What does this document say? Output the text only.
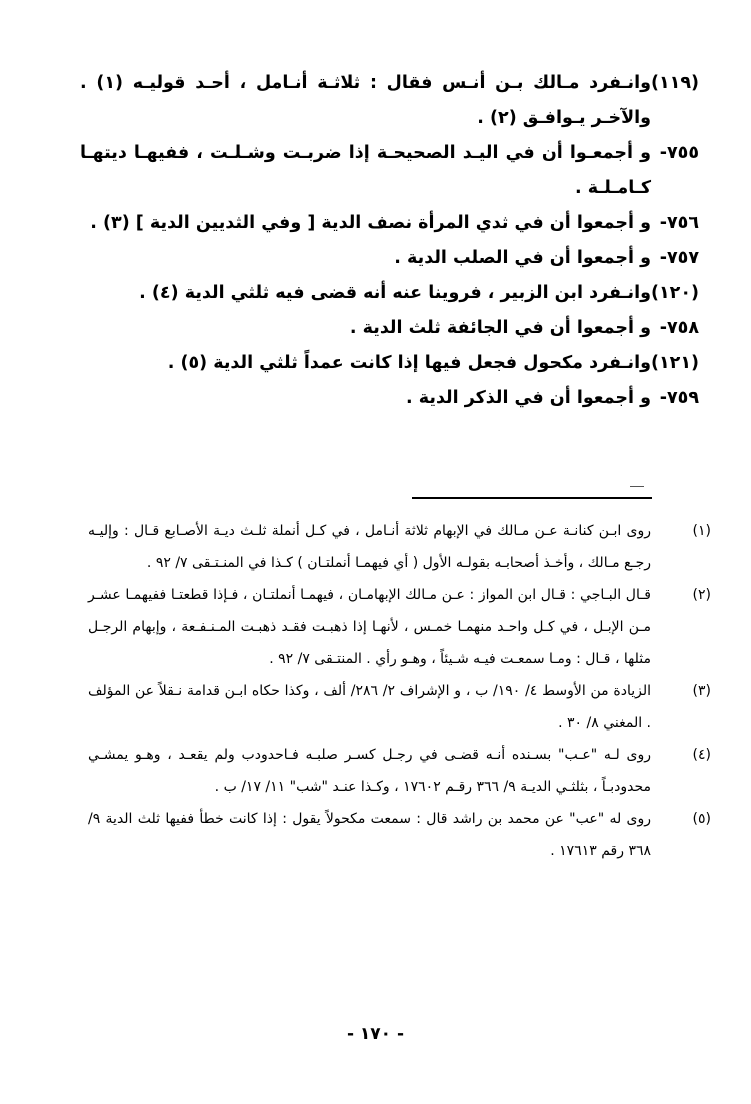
(١١٩)
وانـفرد مـالك بـن أنـس فقال : ثلاثـة أنـامل ، أحـد قوليـه (١) . والآخـر يـوافـق (٢) .
٧٥٥-
و أجمعـوا أن في اليـد الصحيحـة إذا ضربـت وشـلـت ، ففيهـا ديتهـا كـامـلـة .
٧٥٦-
و أجمعوا أن في ثدي المرأة نصف الدية [ وفي الثديين الدية ] (٣) .
٧٥٧-
و أجمعوا أن في الصلب الدية .
(١٢٠)
وانـفرد ابن الزبير ، فروينا عنه أنه قضى فيه ثلثي الدية (٤) .
٧٥٨-
و أجمعوا أن في الجائفة ثلث الدية .
(١٢١)
وانـفرد مكحول فجعل فيها إذا كانت عمداً ثلثي الدية (٥) .
٧٥٩-
و أجمعوا أن في الذكر الدية .
(١)
روى ابـن كنانـة عـن مـالك في الإبهام ثلاثة أنـامل ، في كـل أنملة ثلـث ديـة الأصـابع قـال : وإليـه رجـع مـالك ، وأخـذ أصحابـه بقولـه الأول ( أي فيهمـا أنملتـان ) كـذا في المنـتـقى ٧/ ٩٢ .
(٢)
قـال البـاجي : قـال ابن المواز : عـن مـالك الإبهامـان ، فيهمـا أنملتـان ، فـإذا قطعتـا ففيهمـا عشـر مـن الإبـل ، في كـل واحـد منهمـا خمـس ، لأنهـا إذا ذهبـت فقـد ذهبـت المـنـفـعة ، وإبهام الرجـل مثلها ، قـال : ومـا سمعـت فيـه شـيئاً ، وهـو رأي . المنتـقى ٧/ ٩٢ .
(٣)
الزيادة من الأوسط ٤/ ١٩٠/ ب ، و الإشراف ٢/ ٢٨٦/ ألف ، وكذا حكاه ابـن قدامة نـقلاً عن المؤلف . المغني ٨/ ٣٠ .
(٤)
روى لـه "عـب" بسـنده أنـه قضـى في رجـل كسـر صلبـه فـاحدودب ولم يقعـد ، وهـو يمشـي محدودبـاً ، بثلثـي الديـة ٩/ ٣٦٦ رقـم ١٧٦٠٢ ، وكـذا عنـد "شب" ١١/ ١٧/ ب .
(٥)
روى له "عب" عن محمد بن راشد قال : سمعت مكحولاً يقول : إذا كانت خطأ ففيها ثلث الدية ٩/ ٣٦٨ رقم ١٧٦١٣ .
- ١٧٠ -
